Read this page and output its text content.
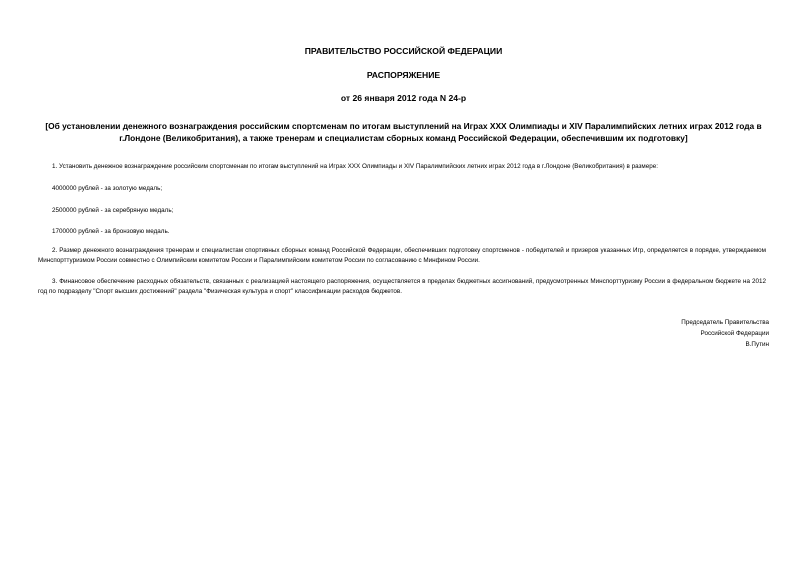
ПРАВИТЕЛЬСТВО РОССИЙСКОЙ ФЕДЕРАЦИИ
РАСПОРЯЖЕНИЕ
от 26 января 2012 года N 24-р
[Об установлении денежного вознаграждения российским спортсменам по итогам выступлений на Играх XXX Олимпиады и XIV Паралимпийских летних играх 2012 года в г.Лондоне (Великобритания), а также тренерам и специалистам сборных команд Российской Федерации, обеспечившим их подготовку]
1. Установить денежное вознаграждение российским спортсменам по итогам выступлений на Играх XXX Олимпиады и XIV Паралимпийских летних играх 2012 года в г.Лондоне (Великобритания) в размере:
4000000 рублей - за золотую медаль;
2500000 рублей - за серебряную медаль;
1700000 рублей - за бронзовую медаль.
2. Размер денежного вознаграждения тренерам и специалистам спортивных сборных команд Российской Федерации, обеспечивших подготовку спортсменов - победителей и призеров указанных Игр, определяется в порядке, утверждаемом Минспорттуризмом России совместно с Олимпийским комитетом России и Паралимпийским комитетом России по согласованию с Минфином России.
3. Финансовое обеспечение расходных обязательств, связанных с реализацией настоящего распоряжения, осуществляется в пределах бюджетных ассигнований, предусмотренных Минспорттуризму России в федеральном бюджете на 2012 год по подразделу "Спорт высших достижений" раздела "Физическая культура и спорт" классификации расходов бюджетов.
Председатель Правительства
Российской Федерации
В.Путин
